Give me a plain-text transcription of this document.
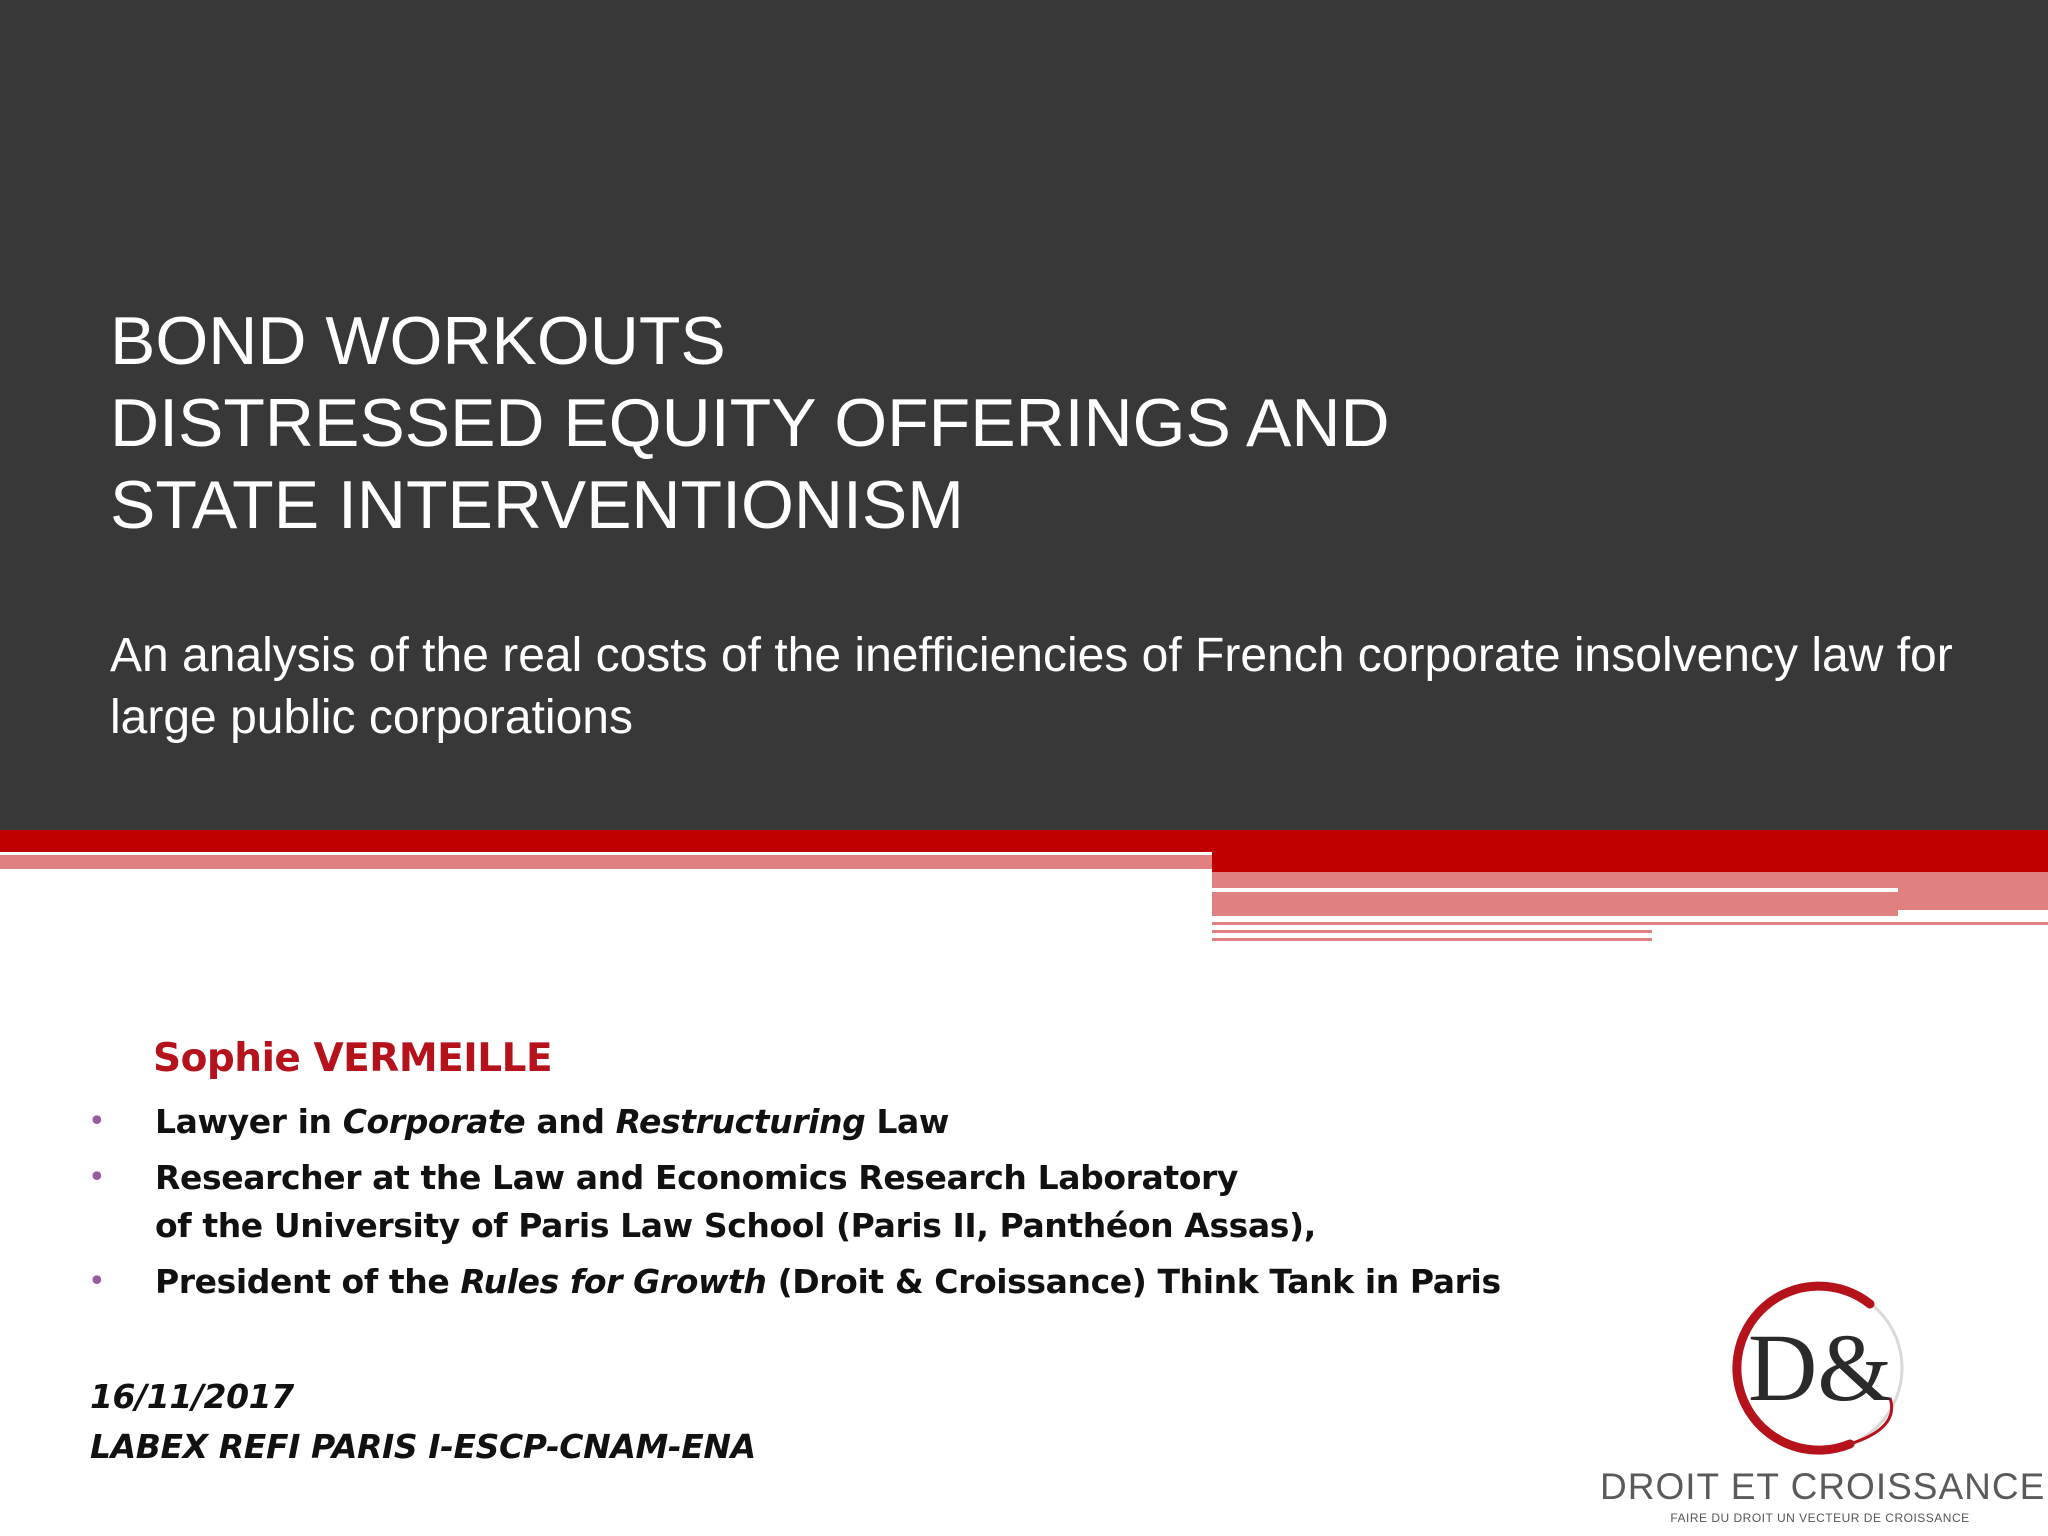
BOND WORKOUTS
DISTRESSED EQUITY OFFERINGS AND
STATE INTERVENTIONISM

An analysis of the real costs of the inefficiencies of French corporate insolvency law for large public corporations

Sophie VERMEILLE
• Lawyer in Corporate and Restructuring Law
• Researcher at the Law and Economics Research Laboratory
of the University of Paris Law School (Paris II, Panthéon Assas),
• President of the Rules for Growth (Droit & Croissance) Think Tank in Paris
16/11/2017
LABEX REFI PARIS I-ESCP-CNAM-ENA
D&
DROIT ET CROISSANCE
FAIRE DU DROIT UN VECTEUR DE CROISSANCE
